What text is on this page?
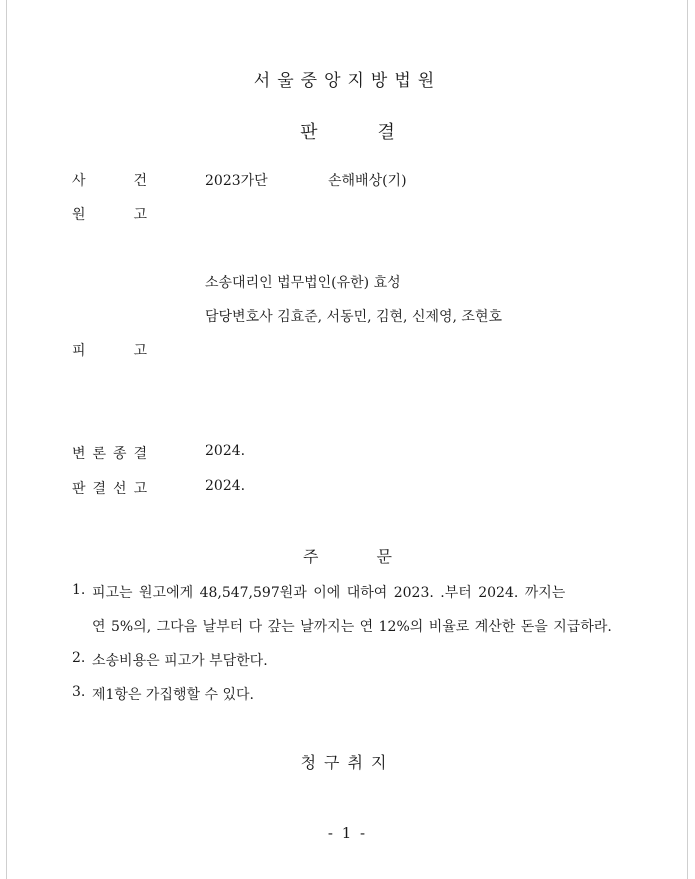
서울중앙지방법원
판결
사건 2023가단	손해배상(기)
원고
소송대리인 법무법인(유한) 효성
담당변호사 김효준, 서동민, 김현, 신제영, 조현호
피고
변론종결	2024.
판결선고	2024.
주문
1. 피고는 원고에게 48,547,597원과 이에 대하여 2023. .부터 2024. 까지는
연 5%의, 그다음 날부터 다 갚는 날까지는 연 12%의 비율로 계산한 돈을 지급하라.
2. 소송비용은 피고가 부담한다.
3. 제1항은 가집행할 수 있다.
청구취지
- 1 -
